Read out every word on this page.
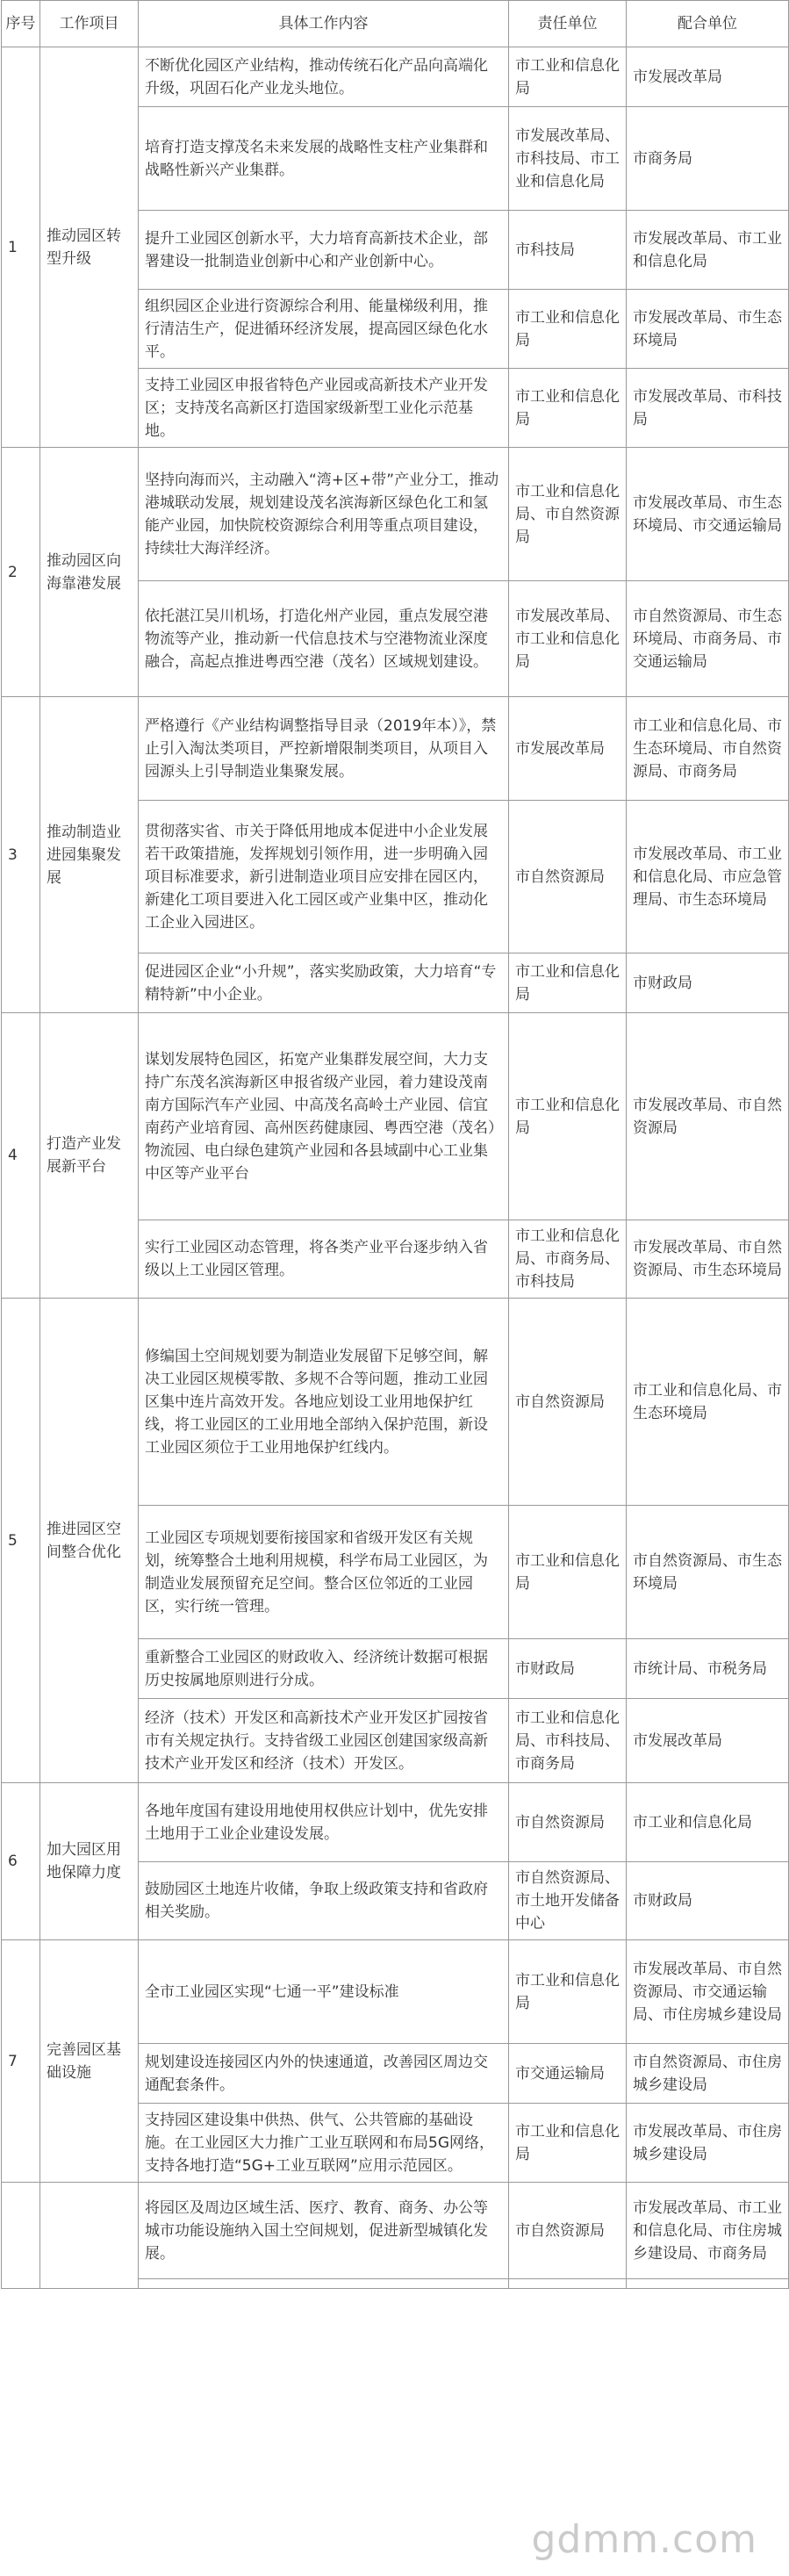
序号	工作项目	具体工作内容	责任单位	配合单位
1	推动园区转型升级	不断优化园区产业结构，推动传统石化产品向高端化升级，巩固石化产业龙头地位。	市工业和信息化局	市发展改革局
		培育打造支撑茂名未来发展的战略性支柱产业集群和战略性新兴产业集群。	市发展改革局、市科技局、市工业和信息化局	市商务局
		提升工业园区创新水平，大力培育高新技术企业，部署建设一批制造业创新中心和产业创新中心。	市科技局	市发展改革局、市工业和信息化局
		组织园区企业进行资源综合利用、能量梯级利用，推行清洁生产，促进循环经济发展，提高园区绿色化水平。	市工业和信息化局	市发展改革局、市生态环境局
		支持工业园区申报省特色产业园或高新技术产业开发区；支持茂名高新区打造国家级新型工业化示范基地。	市工业和信息化局	市发展改革局、市科技局
2	推动园区向海靠港发展	坚持向海而兴，主动融入“湾+区+带”产业分工，推动港城联动发展，规划建设茂名滨海新区绿色化工和氢能产业园，加快院校资源综合利用等重点项目建设，持续壮大海洋经济。	市工业和信息化局、市自然资源局	市发展改革局、市生态环境局、市交通运输局
		依托湛江吴川机场，打造化州产业园，重点发展空港物流等产业，推动新一代信息技术与空港物流业深度融合，高起点推进粤西空港（茂名）区域规划建设。	市发展改革局、市工业和信息化局	市自然资源局、市生态环境局、市商务局、市交通运输局
3	推动制造业进园集聚发展	严格遵行《产业结构调整指导目录（2019年本）》，禁止引入淘汰类项目，严控新增限制类项目，从项目入园源头上引导制造业集聚发展。	市发展改革局	市工业和信息化局、市生态环境局、市自然资源局、市商务局
		贯彻落实省、市关于降低用地成本促进中小企业发展若干政策措施，发挥规划引领作用，进一步明确入园项目标准要求，新引进制造业项目应安排在园区内，新建化工项目要进入化工园区或产业集中区，推动化工企业入园进区。	市自然资源局	市发展改革局、市工业和信息化局、市应急管理局、市生态环境局
		促进园区企业“小升规”，落实奖励政策，大力培育“专精特新”中小企业。	市工业和信息化局	市财政局
4	打造产业发展新平台	谋划发展特色园区，拓宽产业集群发展空间，大力支持广东茂名滨海新区申报省级产业园，着力建设茂南南方国际汽车产业园、中高茂名高岭土产业园、信宜南药产业培育园、高州医药健康园、粤西空港（茂名）物流园、电白绿色建筑产业园和各县域副中心工业集中区等产业平台	市工业和信息化局	市发展改革局、市自然资源局
		实行工业园区动态管理，将各类产业平台逐步纳入省级以上工业园区管理。	市工业和信息化局、市商务局、市科技局	市发展改革局、市自然资源局、市生态环境局
5	推进园区空间整合优化	修编国土空间规划要为制造业发展留下足够空间，解决工业园区规模零散、多规不合等问题，推动工业园区集中连片高效开发。各地应划设工业用地保护红线，将工业园区的工业用地全部纳入保护范围，新设工业园区须位于工业用地保护红线内。	市自然资源局	市工业和信息化局、市生态环境局
		工业园区专项规划要衔接国家和省级开发区有关规划，统筹整合土地利用规模，科学布局工业园区，为制造业发展预留充足空间。整合区位邻近的工业园区，实行统一管理。	市工业和信息化局	市自然资源局、市生态环境局
		重新整合工业园区的财政收入、经济统计数据可根据历史按属地原则进行分成。	市财政局	市统计局、市税务局
		经济（技术）开发区和高新技术产业开发区扩园按省市有关规定执行。支持省级工业园区创建国家级高新技术产业开发区和经济（技术）开发区。	市工业和信息化局、市科技局、市商务局	市发展改革局
6	加大园区用地保障力度	各地年度国有建设用地使用权供应计划中，优先安排土地用于工业企业建设发展。	市自然资源局	市工业和信息化局
		鼓励园区土地连片收储，争取上级政策支持和省政府相关奖励。	市自然资源局、市土地开发储备中心	市财政局
7	完善园区基础设施	全市工业园区实现“七通一平”建设标准	市工业和信息化局	市发展改革局、市自然资源局、市交通运输局、市住房城乡建设局
		规划建设连接园区内外的快速通道，改善园区周边交通配套条件。	市交通运输局	市自然资源局、市住房城乡建设局
		支持园区建设集中供热、供气、公共管廊的基础设施。在工业园区大力推广工业互联网和布局5G网络，支持各地打造“5G+工业互联网”应用示范园区。	市工业和信息化局	市发展改革局、市住房城乡建设局
		将园区及周边区域生活、医疗、教育、商务、办公等城市功能设施纳入国土空间规划，促进新型城镇化发展。	市自然资源局	市发展改革局、市工业和信息化局、市住房城乡建设局、市商务局

gdmm.com
